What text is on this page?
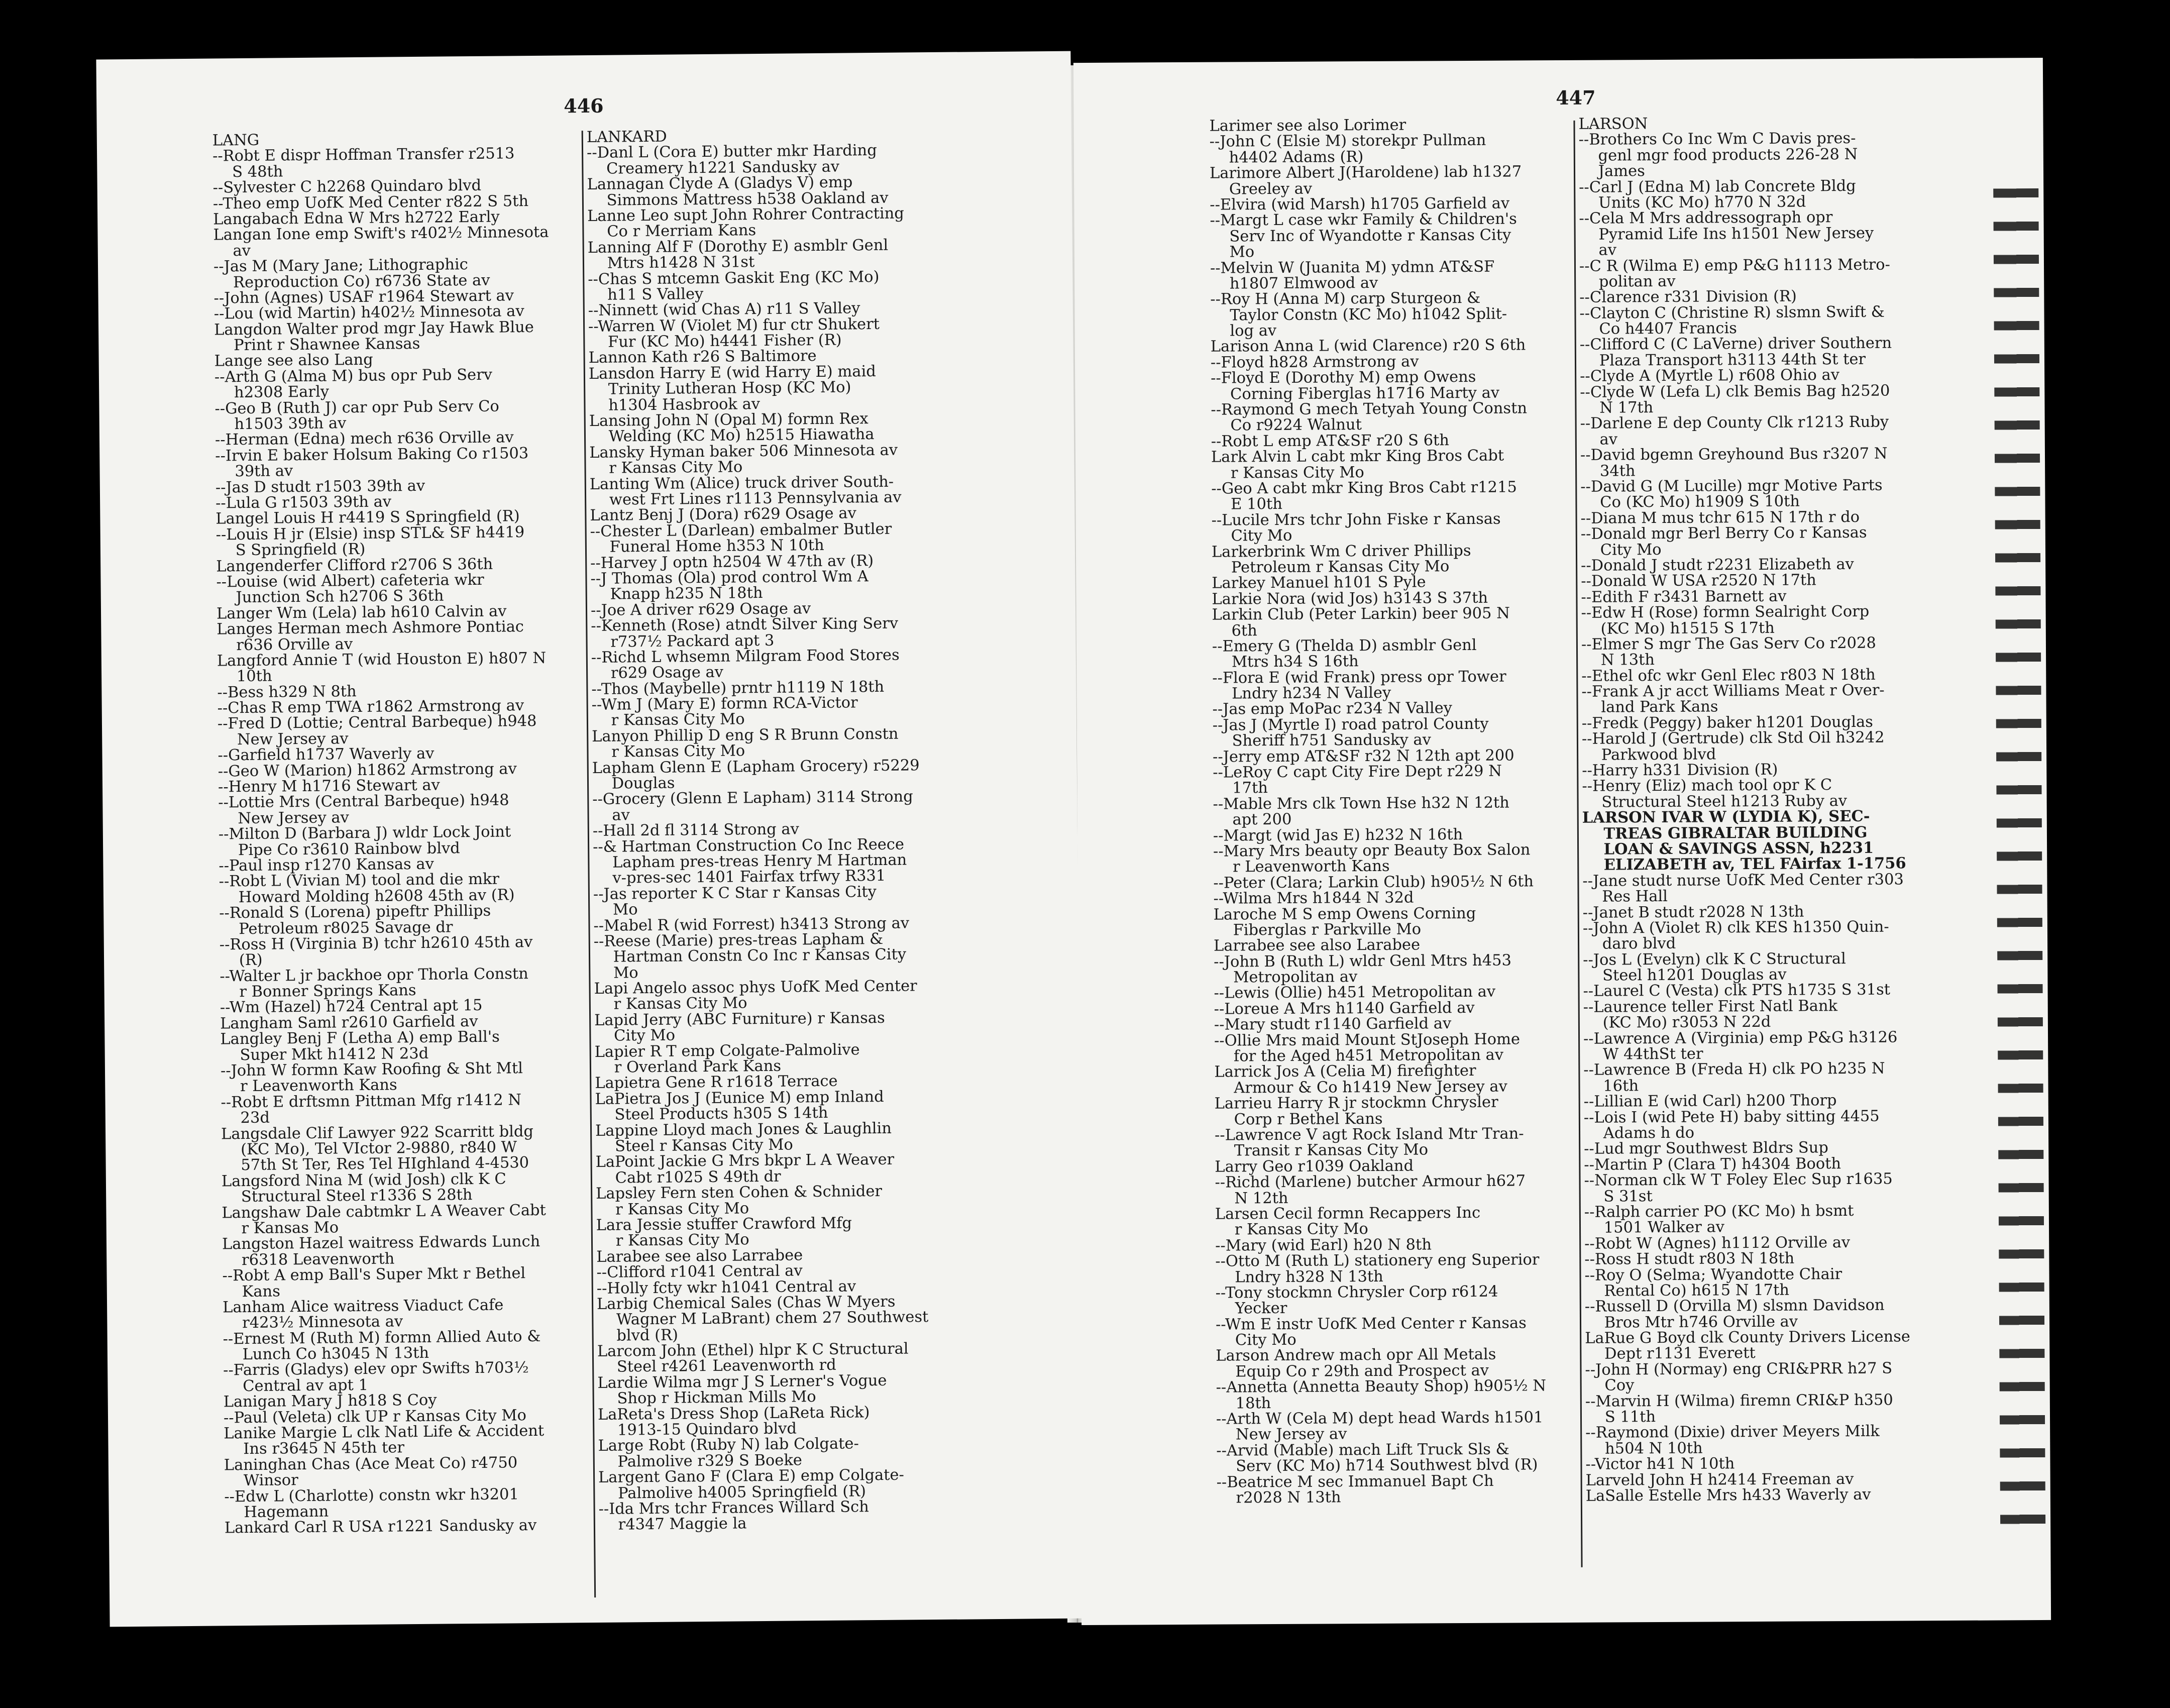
446
LANG
--Robt E dispr Hoffman Transfer r2513
S 48th
--Sylvester C h2268 Quindaro blvd
--Theo emp UofK Med Center r822 S 5th
Langabach Edna W Mrs h2722 Early
Langan Ione emp Swift's r402½ Minnesota
av
--Jas M (Mary Jane; Lithographic
Reproduction Co) r6736 State av
--John (Agnes) USAF r1964 Stewart av
--Lou (wid Martin) h402½ Minnesota av
Langdon Walter prod mgr Jay Hawk Blue
Print r Shawnee Kansas
Lange see also Lang
--Arth G (Alma M) bus opr Pub Serv
h2308 Early
--Geo B (Ruth J) car opr Pub Serv Co
h1503 39th av
--Herman (Edna) mech r636 Orville av
--Irvin E baker Holsum Baking Co r1503
39th av
--Jas D studt r1503 39th av
--Lula G r1503 39th av
Langel Louis H r4419 S Springfield (R)
--Louis H jr (Elsie) insp STL& SF h4419
S Springfield (R)
Langenderfer Clifford r2706 S 36th
--Louise (wid Albert) cafeteria wkr
Junction Sch h2706 S 36th
Langer Wm (Lela) lab h610 Calvin av
Langes Herman mech Ashmore Pontiac
r636 Orville av
Langford Annie T (wid Houston E) h807 N
10th
--Bess h329 N 8th
--Chas R emp TWA r1862 Armstrong av
--Fred D (Lottie; Central Barbeque) h948
New Jersey av
--Garfield h1737 Waverly av
--Geo W (Marion) h1862 Armstrong av
--Henry M h1716 Stewart av
--Lottie Mrs (Central Barbeque) h948
New Jersey av
--Milton D (Barbara J) wldr Lock Joint
Pipe Co r3610 Rainbow blvd
--Paul insp r1270 Kansas av
--Robt L (Vivian M) tool and die mkr
Howard Molding h2608 45th av (R)
--Ronald S (Lorena) pipeftr Phillips
Petroleum r8025 Savage dr
--Ross H (Virginia B) tchr h2610 45th av
(R)
--Walter L jr backhoe opr Thorla Constn
r Bonner Springs Kans
--Wm (Hazel) h724 Central apt 15
Langham Saml r2610 Garfield av
Langley Benj F (Letha A) emp Ball's
Super Mkt h1412 N 23d
--John W formn Kaw Roofing & Sht Mtl
r Leavenworth Kans
--Robt E drftsmn Pittman Mfg r1412 N
23d
Langsdale Clif Lawyer 922 Scarritt bldg
(KC Mo), Tel VIctor 2-9880, r840 W
57th St Ter, Res Tel HIghland 4-4530
Langsford Nina M (wid Josh) clk K C
Structural Steel r1336 S 28th
Langshaw Dale cabtmkr L A Weaver Cabt
r Kansas Mo
Langston Hazel waitress Edwards Lunch
r6318 Leavenworth
--Robt A emp Ball's Super Mkt r Bethel
Kans
Lanham Alice waitress Viaduct Cafe
r423½ Minnesota av
--Ernest M (Ruth M) formn Allied Auto &
Lunch Co h3045 N 13th
--Farris (Gladys) elev opr Swifts h703½
Central av apt 1
Lanigan Mary J h818 S Coy
--Paul (Veleta) clk UP r Kansas City Mo
Lanike Margie L clk Natl Life & Accident
Ins r3645 N 45th ter
Laninghan Chas (Ace Meat Co) r4750
Winsor
--Edw L (Charlotte) constn wkr h3201
Hagemann
Lankard Carl R USA r1221 Sandusky av
LANKARD
--Danl L (Cora E) butter mkr Harding
Creamery h1221 Sandusky av
Lannagan Clyde A (Gladys V) emp
Simmons Mattress h538 Oakland av
Lanne Leo supt John Rohrer Contracting
Co r Merriam Kans
Lanning Alf F (Dorothy E) asmblr Genl
Mtrs h1428 N 31st
--Chas S mtcemn Gaskit Eng (KC Mo)
h11 S Valley
--Ninnett (wid Chas A) r11 S Valley
--Warren W (Violet M) fur ctr Shukert
Fur (KC Mo) h4441 Fisher (R)
Lannon Kath r26 S Baltimore
Lansdon Harry E (wid Harry E) maid
Trinity Lutheran Hosp (KC Mo)
h1304 Hasbrook av
Lansing John N (Opal M) formn Rex
Welding (KC Mo) h2515 Hiawatha
Lansky Hyman baker 506 Minnesota av
r Kansas City Mo
Lanting Wm (Alice) truck driver South-
west Frt Lines r1113 Pennsylvania av
Lantz Benj J (Dora) r629 Osage av
--Chester L (Darlean) embalmer Butler
Funeral Home h353 N 10th
--Harvey J optn h2504 W 47th av (R)
--J Thomas (Ola) prod control Wm A
Knapp h235 N 18th
--Joe A driver r629 Osage av
--Kenneth (Rose) atndt Silver King Serv
r737½ Packard apt 3
--Richd L whsemn Milgram Food Stores
r629 Osage av
--Thos (Maybelle) prntr h1119 N 18th
--Wm J (Mary E) formn RCA-Victor
r Kansas City Mo
Lanyon Phillip D eng S R Brunn Constn
r Kansas City Mo
Lapham Glenn E (Lapham Grocery) r5229
Douglas
--Grocery (Glenn E Lapham) 3114 Strong
av
--Hall 2d fl 3114 Strong av
--& Hartman Construction Co Inc Reece
Lapham pres-treas Henry M Hartman
v-pres-sec 1401 Fairfax trfwy R331
--Jas reporter K C Star r Kansas City
Mo
--Mabel R (wid Forrest) h3413 Strong av
--Reese (Marie) pres-treas Lapham &
Hartman Constn Co Inc r Kansas City
Mo
Lapi Angelo assoc phys UofK Med Center
r Kansas City Mo
Lapid Jerry (ABC Furniture) r Kansas
City Mo
Lapier R T emp Colgate-Palmolive
r Overland Park Kans
Lapietra Gene R r1618 Terrace
LaPietra Jos J (Eunice M) emp Inland
Steel Products h305 S 14th
Lappine Lloyd mach Jones & Laughlin
Steel r Kansas City Mo
LaPoint Jackie G Mrs bkpr L A Weaver
Cabt r1025 S 49th dr
Lapsley Fern sten Cohen & Schnider
r Kansas City Mo
Lara Jessie stuffer Crawford Mfg
r Kansas City Mo
Larabee see also Larrabee
--Clifford r1041 Central av
--Holly fcty wkr h1041 Central av
Larbig Chemical Sales (Chas W Myers
Wagner M LaBrant) chem 27 Southwest
blvd (R)
Larcom John (Ethel) hlpr K C Structural
Steel r4261 Leavenworth rd
Lardie Wilma mgr J S Lerner's Vogue
Shop r Hickman Mills Mo
LaReta's Dress Shop (LaReta Rick)
1913-15 Quindaro blvd
Large Robt (Ruby N) lab Colgate-
Palmolive r329 S Boeke
Largent Gano F (Clara E) emp Colgate-
Palmolive h4005 Springfield (R)
--Ida Mrs tchr Frances Willard Sch
r4347 Maggie la
447
Larimer see also Lorimer
--John C (Elsie M) storekpr Pullman
h4402 Adams (R)
Larimore Albert J(Haroldene) lab h1327
Greeley av
--Elvira (wid Marsh) h1705 Garfield av
--Margt L case wkr Family & Children's
Serv Inc of Wyandotte r Kansas City
Mo
--Melvin W (Juanita M) ydmn AT&SF
h1807 Elmwood av
--Roy H (Anna M) carp Sturgeon &
Taylor Constn (KC Mo) h1042 Split-
log av
Larison Anna L (wid Clarence) r20 S 6th
--Floyd h828 Armstrong av
--Floyd E (Dorothy M) emp Owens
Corning Fiberglas h1716 Marty av
--Raymond G mech Tetyah Young Constn
Co r9224 Walnut
--Robt L emp AT&SF r20 S 6th
Lark Alvin L cabt mkr King Bros Cabt
r Kansas City Mo
--Geo A cabt mkr King Bros Cabt r1215
E 10th
--Lucile Mrs tchr John Fiske r Kansas
City Mo
Larkerbrink Wm C driver Phillips
Petroleum r Kansas City Mo
Larkey Manuel h101 S Pyle
Larkie Nora (wid Jos) h3143 S 37th
Larkin Club (Peter Larkin) beer 905 N
6th
--Emery G (Thelda D) asmblr Genl
Mtrs h34 S 16th
--Flora E (wid Frank) press opr Tower
Lndry h234 N Valley
--Jas emp MoPac r234 N Valley
--Jas J (Myrtle I) road patrol County
Sheriff h751 Sandusky av
--Jerry emp AT&SF r32 N 12th apt 200
--LeRoy C capt City Fire Dept r229 N
17th
--Mable Mrs clk Town Hse h32 N 12th
apt 200
--Margt (wid Jas E) h232 N 16th
--Mary Mrs beauty opr Beauty Box Salon
r Leavenworth Kans
--Peter (Clara; Larkin Club) h905½ N 6th
--Wilma Mrs h1844 N 32d
Laroche M S emp Owens Corning
Fiberglas r Parkville Mo
Larrabee see also Larabee
--John B (Ruth L) wldr Genl Mtrs h453
Metropolitan av
--Lewis (Ollie) h451 Metropolitan av
--Loreue A Mrs h1140 Garfield av
--Mary studt r1140 Garfield av
--Ollie Mrs maid Mount StJoseph Home
for the Aged h451 Metropolitan av
Larrick Jos A (Celia M) firefighter
Armour & Co h1419 New Jersey av
Larrieu Harry R jr stockmn Chrysler
Corp r Bethel Kans
--Lawrence V agt Rock Island Mtr Tran-
Transit r Kansas City Mo
Larry Geo r1039 Oakland
--Richd (Marlene) butcher Armour h627
N 12th
Larsen Cecil formn Recappers Inc
r Kansas City Mo
--Mary (wid Earl) h20 N 8th
--Otto M (Ruth L) stationery eng Superior
Lndry h328 N 13th
--Tony stockmn Chrysler Corp r6124
Yecker
--Wm E instr UofK Med Center r Kansas
City Mo
Larson Andrew mach opr All Metals
Equip Co r 29th and Prospect av
--Annetta (Annetta Beauty Shop) h905½ N
18th
--Arth W (Cela M) dept head Wards h1501
New Jersey av
--Arvid (Mable) mach Lift Truck Sls &
Serv (KC Mo) h714 Southwest blvd (R)
--Beatrice M sec Immanuel Bapt Ch
r2028 N 13th
LARSON
--Brothers Co Inc Wm C Davis pres-
genl mgr food products 226-28 N
James
--Carl J (Edna M) lab Concrete Bldg
Units (KC Mo) h770 N 32d
--Cela M Mrs addressograph opr
Pyramid Life Ins h1501 New Jersey
av
--C R (Wilma E) emp P&G h1113 Metro-
politan av
--Clarence r331 Division (R)
--Clayton C (Christine R) slsmn Swift &
Co h4407 Francis
--Clifford C (C LaVerne) driver Southern
Plaza Transport h3113 44th St ter
--Clyde A (Myrtle L) r608 Ohio av
--Clyde W (Lefa L) clk Bemis Bag h2520
N 17th
--Darlene E dep County Clk r1213 Ruby
av
--David bgemn Greyhound Bus r3207 N
34th
--David G (M Lucille) mgr Motive Parts
Co (KC Mo) h1909 S 10th
--Diana M mus tchr 615 N 17th r do
--Donald mgr Berl Berry Co r Kansas
City Mo
--Donald J studt r2231 Elizabeth av
--Donald W USA r2520 N 17th
--Edith F r3431 Barnett av
--Edw H (Rose) formn Sealright Corp
(KC Mo) h1515 S 17th
--Elmer S mgr The Gas Serv Co r2028
N 13th
--Ethel ofc wkr Genl Elec r803 N 18th
--Frank A jr acct Williams Meat r Over-
land Park Kans
--Fredk (Peggy) baker h1201 Douglas
--Harold J (Gertrude) clk Std Oil h3242
Parkwood blvd
--Harry h331 Division (R)
--Henry (Eliz) mach tool opr K C
Structural Steel h1213 Ruby av
LARSON IVAR W (LYDIA K), SEC-
TREAS GIBRALTAR BUILDING
LOAN & SAVINGS ASSN, h2231
ELIZABETH av, TEL FAirfax 1-1756
--Jane studt nurse UofK Med Center r303
Res Hall
--Janet B studt r2028 N 13th
--John A (Violet R) clk KES h1350 Quin-
daro blvd
--Jos L (Evelyn) clk K C Structural
Steel h1201 Douglas av
--Laurel C (Vesta) clk PTS h1735 S 31st
--Laurence teller First Natl Bank
(KC Mo) r3053 N 22d
--Lawrence A (Virginia) emp P&G h3126
W 44thSt ter
--Lawrence B (Freda H) clk PO h235 N
16th
--Lillian E (wid Carl) h200 Thorp
--Lois I (wid Pete H) baby sitting 4455
Adams h do
--Lud mgr Southwest Bldrs Sup
--Martin P (Clara T) h4304 Booth
--Norman clk W T Foley Elec Sup r1635
S 31st
--Ralph carrier PO (KC Mo) h bsmt
1501 Walker av
--Robt W (Agnes) h1112 Orville av
--Ross H studt r803 N 18th
--Roy O (Selma; Wyandotte Chair
Rental Co) h615 N 17th
--Russell D (Orvilla M) slsmn Davidson
Bros Mtr h746 Orville av
LaRue G Boyd clk County Drivers License
Dept r1131 Everett
--John H (Normay) eng CRI&PRR h27 S
Coy
--Marvin H (Wilma) firemn CRI&P h350
S 11th
--Raymond (Dixie) driver Meyers Milk
h504 N 10th
--Victor h41 N 10th
Larveld John H h2414 Freeman av
LaSalle Estelle Mrs h433 Waverly av
